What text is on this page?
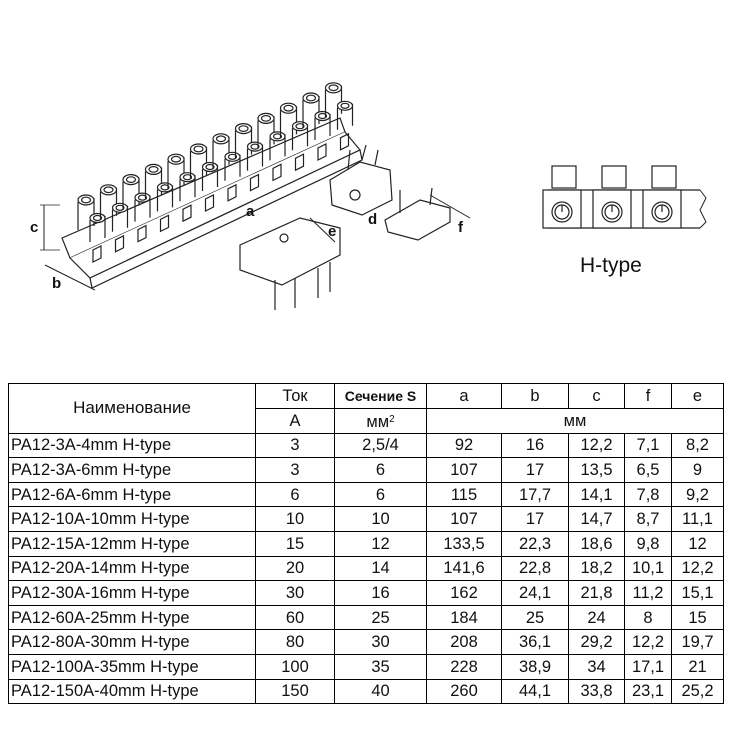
c
b
a	d
e	f
H-type
Наименование	Ток	Сечение S	a	b	c	f	e
	А	$мм^2$	мм				
PA12-3A-4mm H-type	3	2,5/4	92	16	12,2	7,1	8,2
PA12-3A-6mm H-type	3	6	107	17	13,5	6,5	9
PA12-6A-6mm H-type	6	6	115	17,7	14,1	7,8	9,2
PA12-10A-10mm H-type	10	10	107	17	14,7	8,7	11,1
PA12-15A-12mm H-type	15	12	133,5	22,3	18,6	9,8	12
PA12-20A-14mm H-type	20	14	141,6	22,8	18,2	10,1	12,2
PA12-30A-16mm H-type	30	16	162	24,1	21,8	11,2	15,1
PA12-60A-25mm H-type	60	25	184	25	24	8	15
PA12-80A-30mm H-type	80	30	208	36,1	29,2	12,2	19,7
PA12-100A-35mm H-type	100	35	228	38,9	34	17,1	21
PA12-150A-40mm H-type	150	40	260	44,1	33,8	23,1	25,2
